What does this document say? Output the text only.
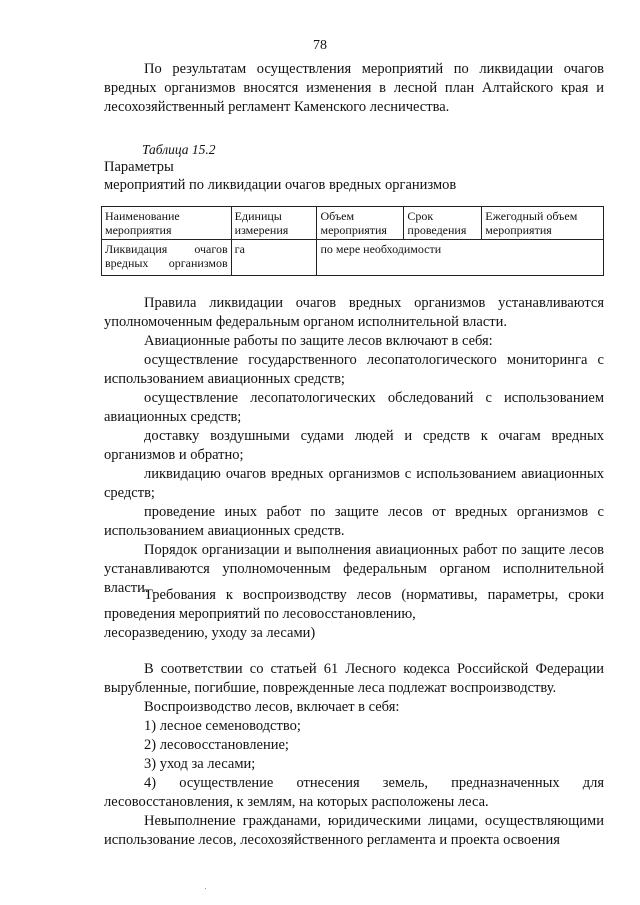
78

По результатам осуществления мероприятий по ликвидации очагов вредных организмов вносятся изменения в лесной план Алтайского края и лесохозяйственный регламент Каменского лесничества.

Таблица 15.2
Параметры
мероприятий по ликвидации очагов вредных организмов
Наименование мероприятия	Единицы измерения	Объем мероприятия	Срок проведения	Ежегодный объем мероприятия
Ликвидация очагов вредных организмов	га	по мере необходимости		

Правила ликвидации очагов вредных организмов устанавливаются уполномоченным федеральным органом исполнительной власти.

Авиационные работы по защите лесов включают в себя:

осуществление государственного лесопатологического мониторинга с использованием авиационных средств;

осуществление лесопатологических обследований с использованием авиационных средств;

доставку воздушными судами людей и средств к очагам вредных организмов и обратно;

ликвидацию очагов вредных организмов с использованием авиационных средств;

проведение иных работ по защите лесов от вредных организмов с использованием авиационных средств.

Порядок организации и выполнения авиационных работ по защите лесов устанавливаются уполномоченным федеральным органом исполнительной власти.

Требования к воспроизводству лесов (нормативы, параметры, сроки проведения мероприятий по лесовосстановлению,

лесоразведению, уходу за лесами)

В соответствии со статьей 61 Лесного кодекса Российской Федерации вырубленные, погибшие, поврежденные леса подлежат воспроизводству.

Воспроизводство лесов, включает в себя:

1) лесное семеноводство;

2) лесовосстановление;

3) уход за лесами;

4) осуществление отнесения земель, предназначенных для лесовосстановления, к землям, на которых расположены леса.

Невыполнение гражданами, юридическими лицами, осуществляющими использование лесов, лесохозяйственного регламента и проекта освоения
